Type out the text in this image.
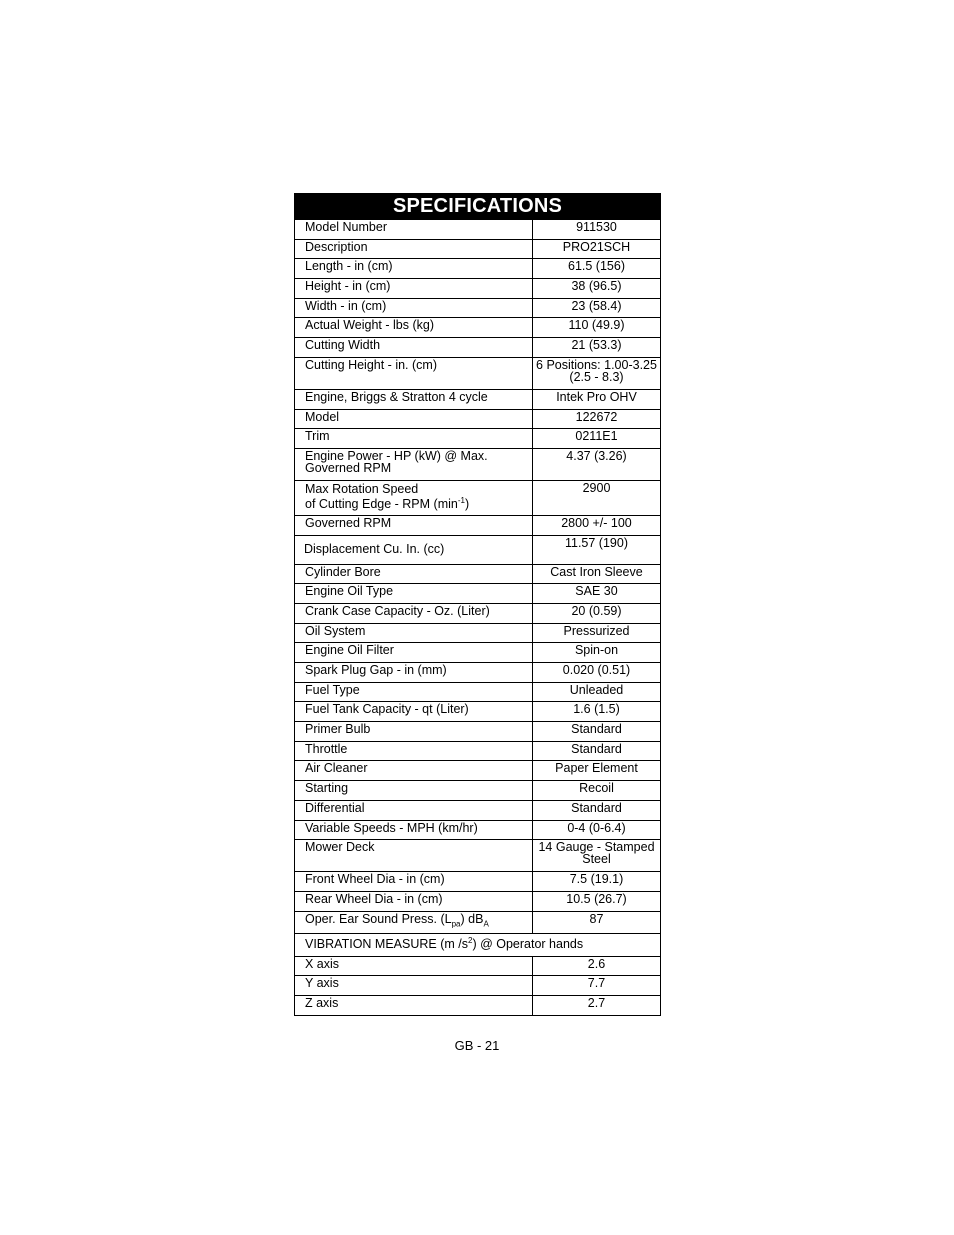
SPECIFICATIONS
Model Number	911530
Description	PRO21SCH
Length - in (cm)	61.5 (156)
Height - in (cm)	38 (96.5)
Width - in (cm)	23 (58.4)
Actual Weight - lbs (kg)	110 (49.9)
Cutting Width	21 (53.3)
Cutting Height - in. (cm)	6 Positions: 1.00-3.25
(2.5 - 8.3)
Engine, Briggs & Stratton 4 cycle	Intek Pro OHV
Model	122672
Trim	0211E1
Engine Power - HP (kW) @ Max.
Governed RPM	4.37 (3.26)
Max Rotation Speed
of Cutting Edge - RPM $(\min^{-1})$	2900
Governed RPM	2800 +/- 100
Displacement Cu. In. (cc)	11.57 (190)
Cylinder Bore	Cast Iron Sleeve
Engine Oil Type	SAE 30
Crank Case Capacity - Oz. (Liter)	20 (0.59)
Oil System	Pressurized
Engine Oil Filter	Spin-on
Spark Plug Gap - in (mm)	0.020 (0.51)
Fuel Type	Unleaded
Fuel Tank Capacity - qt (Liter)	1.6 (1.5)
Primer Bulb	Standard
Throttle	Standard
Air Cleaner	Paper Element
Starting	Recoil
Differential	Standard
Variable Speeds - MPH (km/hr)	0-4 (0-6.4)
Mower Deck	14 Gauge - Stamped
Steel
Front Wheel Dia - in (cm)	7.5 (19.1)
Rear Wheel Dia - in (cm)	10.5 (26.7)
Oper. Ear Sound Press. $(L_{pa})$ $dB_A$	87
VIBRATION MEASURE (m $/s^2$) @ Operator hands	
X axis	2.6
Y axis	7.7
Z axis	2.7
GB - 21
